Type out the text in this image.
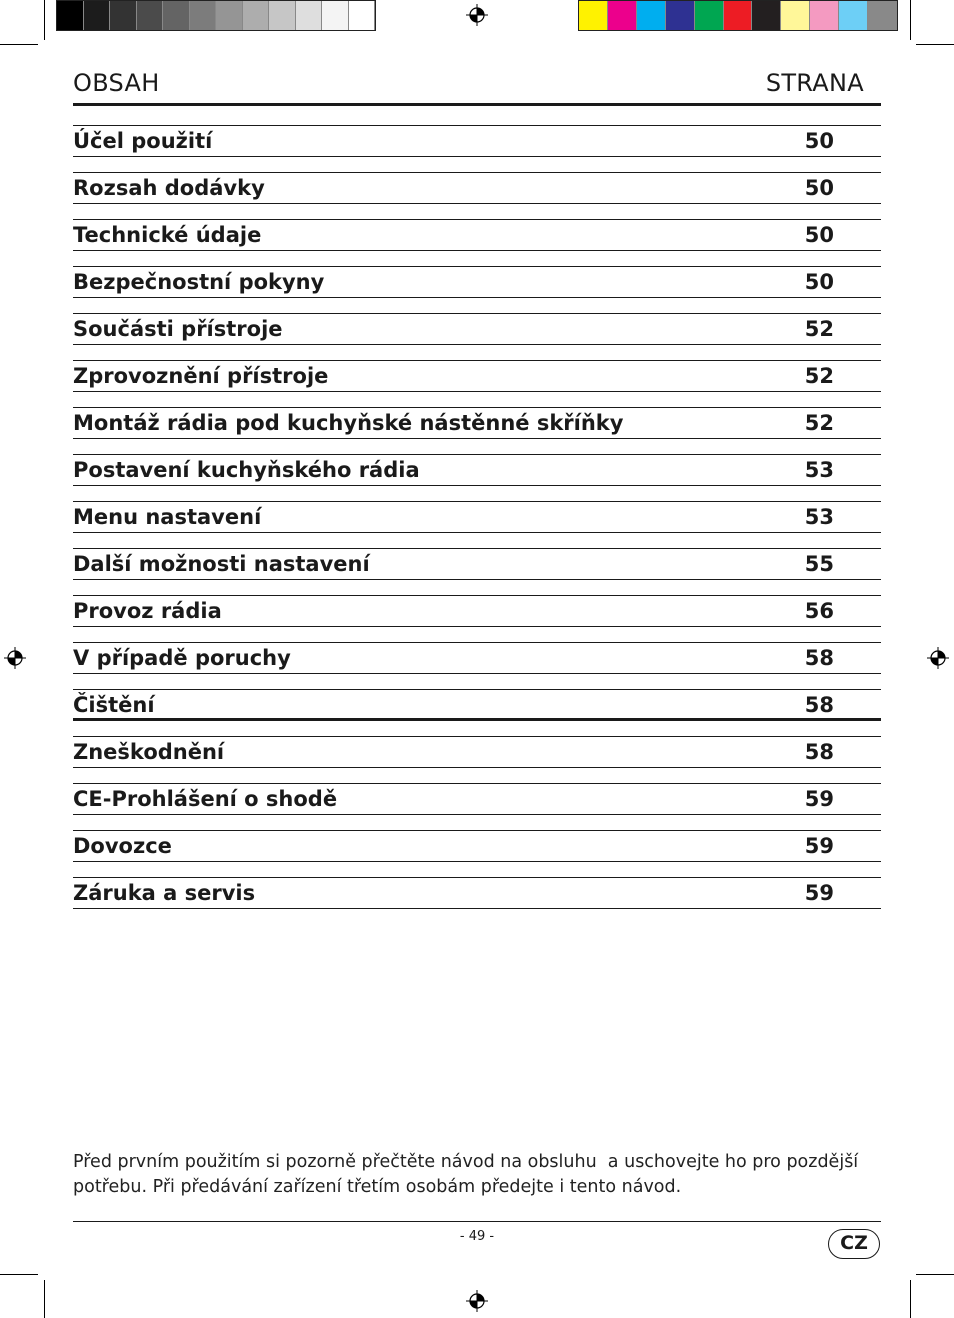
OBSAH	STRANA
Účel použití	50
Rozsah dodávky	50
Technické údaje	50
Bezpečnostní pokyny	50
Součásti přístroje	52
Zprovoznění přístroje	52
Montáž rádia pod kuchyňské nástěnné skříňky	52
Postavení kuchyňského rádia	53
Menu nastavení	53
Další možnosti nastavení	55
Provoz rádia	56
V případě poruchy	58
Čištění	58
Zneškodnění	58
CE-Prohlášení o shodě	59
Dovozce	59
Záruka a servis	59
Před prvním použitím si pozorně přečtěte návod na obsluhu  a uschovejte ho pro pozdější
potřebu. Při předávání zařízení třetím osobám předejte i tento návod.
- 49 -	CZ
